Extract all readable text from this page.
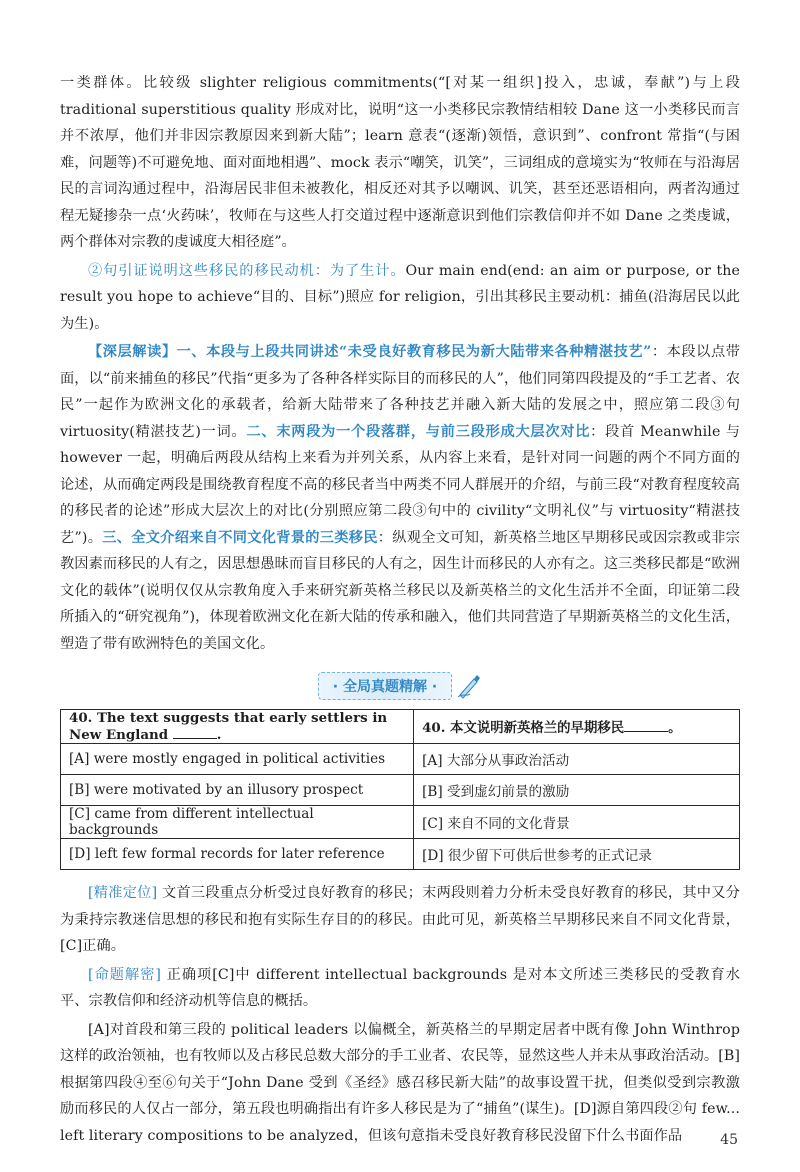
一类群体。比较级 slighter religious commitments(“[对某一组织]投入，忠诚，奉献”)与上段 traditional superstitious quality 形成对比，说明“这一小类移民宗教情结相较 Dane 这一小类移民而言并不浓厚，他们并非因宗教原因来到新大陆”；learn 意表“(逐渐)领悟，意识到”、confront 常指“(与困难，问题等)不可避免地、面对面地相遇”、mock 表示“嘲笑，讥笑”，三词组成的意境实为“牧师在与沿海居民的言词沟通过程中，沿海居民非但未被教化，相反还对其予以嘲讽、讥笑，甚至还恶语相向，两者沟通过程无疑掺杂一点‘火药味’，牧师在与这些人打交道过程中逐渐意识到他们宗教信仰并不如 Dane 之类虔诚，两个群体对宗教的虔诚度大相径庭”。

②句引证说明这些移民的移民动机：为了生计。Our main end(end: an aim or purpose, or the result you hope to achieve“目的、目标”)照应 for religion，引出其移民主要动机：捕鱼(沿海居民以此为生)。

【深层解读】一、本段与上段共同讲述“未受良好教育移民为新大陆带来各种精湛技艺”：本段以点带面，以“前来捕鱼的移民”代指“更多为了各种各样实际目的而移民的人”，他们同第四段提及的“手工艺者、农民”一起作为欧洲文化的承载者，给新大陆带来了各种技艺并融入新大陆的发展之中，照应第二段③句 virtuosity(精湛技艺)一词。二、末两段为一个段落群，与前三段形成大层次对比：段首 Meanwhile 与 however 一起，明确后两段从结构上来看为并列关系，从内容上来看，是针对同一问题的两个不同方面的论述，从而确定两段是围绕教育程度不高的移民者当中两类不同人群展开的介绍，与前三段“对教育程度较高的移民者的论述”形成大层次上的对比(分别照应第二段③句中的 civility“文明礼仪”与 virtuosity“精湛技艺”)。三、全文介绍来自不同文化背景的三类移民：纵观全文可知，新英格兰地区早期移民或因宗教或非宗教因素而移民的人有之，因思想愚昧而盲目移民的人有之，因生计而移民的人亦有之。这三类移民都是“欧洲文化的载体”(说明仅仅从宗教角度入手来研究新英格兰移民以及新英格兰的文化生活并不全面，印证第二段所插入的“研究视角”)，体现着欧洲文化在新大陆的传承和融入，他们共同营造了早期新英格兰的文化生活，塑造了带有欧洲特色的美国文化。

· 全局真题精解 ·
40. The text suggests that early settlers in New England .	40. 本文说明新英格兰的早期移民 。
[A] were mostly engaged in political activities	[A] 大部分从事政治活动
[B] were motivated by an illusory prospect	[B] 受到虚幻前景的激励
[C] came from different intellectual backgrounds	[C] 来自不同的文化背景
[D] left few formal records for later reference	[D] 很少留下可供后世参考的正式记录

[精准定位] 文首三段重点分析受过良好教育的移民；末两段则着力分析未受良好教育的移民，其中又分为秉持宗教迷信思想的移民和抱有实际生存目的的移民。由此可见，新英格兰早期移民来自不同文化背景，[C]正确。

[命题解密] 正确项[C]中 different intellectual backgrounds 是对本文所述三类移民的受教育水平、宗教信仰和经济动机等信息的概括。

[A]对首段和第三段的 political leaders 以偏概全，新英格兰的早期定居者中既有像 John Winthrop 这样的政治领袖，也有牧师以及占移民总数大部分的手工业者、农民等，显然这些人并未从事政治活动。[B]根据第四段④至⑥句关于“John Dane 受到《圣经》感召移民新大陆”的故事设置干扰，但类似受到宗教激励而移民的人仅占一部分，第五段也明确指出有许多人移民是为了“捕鱼”(谋生)。[D]源自第四段②句 few... left literary compositions to be analyzed，但该句意指未受良好教育移民没留下什么书面作品	45
